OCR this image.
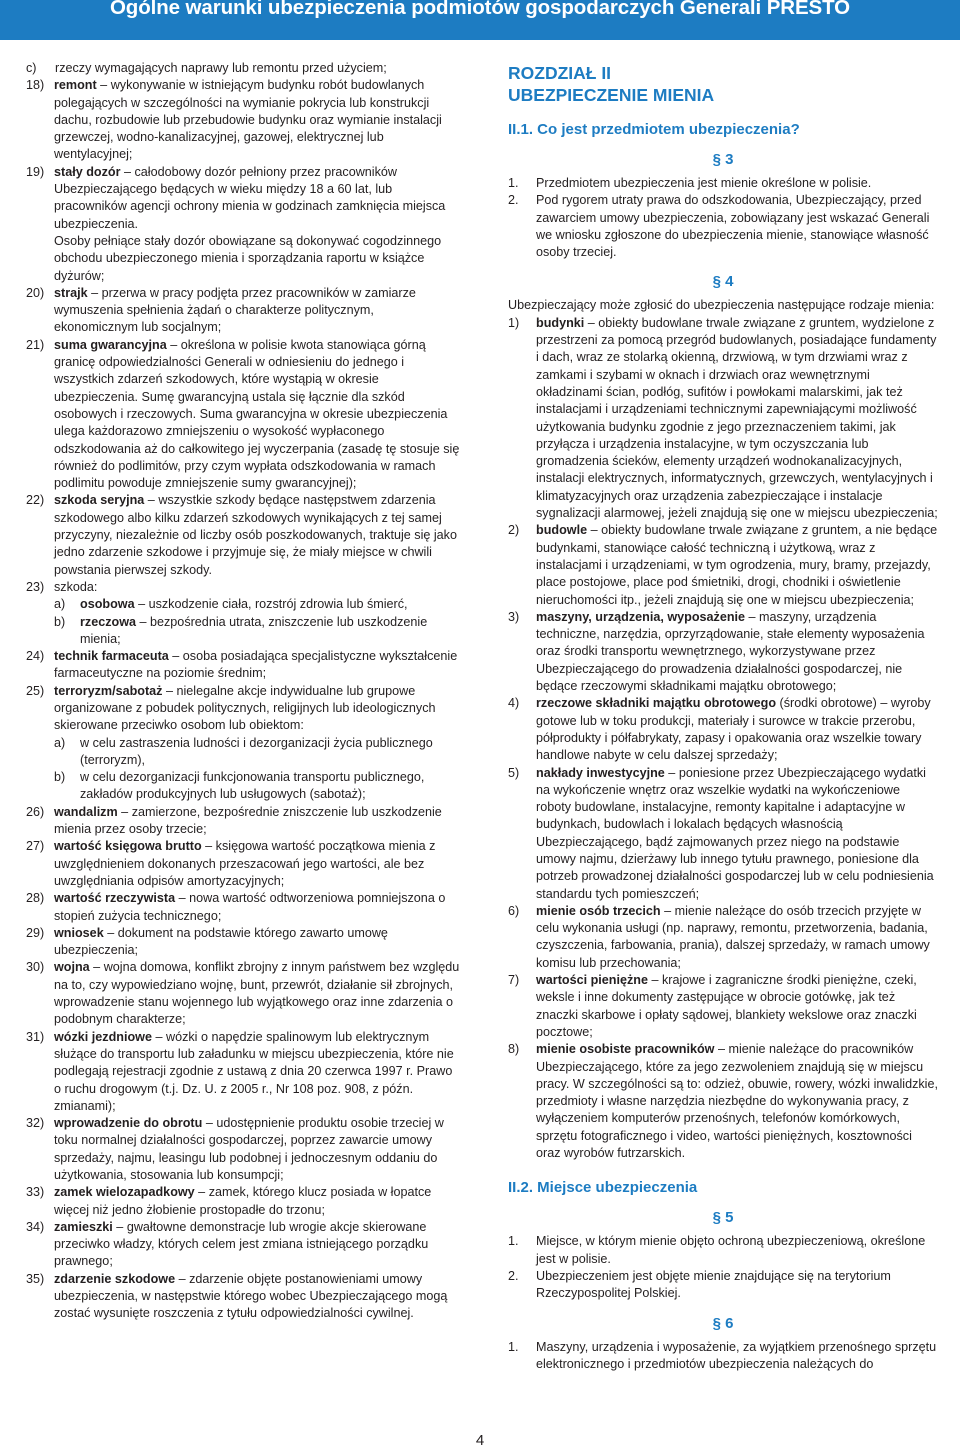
Ogólne warunki ubezpieczenia podmiotów gospodarczych Generali PRESTO
c)	rzeczy wymagających naprawy lub remontu przed użyciem;
18) remont – wykonywanie w istniejącym budynku robót budowlanych polegających w szczególności na wymianie pokrycia lub konstrukcji dachu, rozbudowie lub przebudowie budynku oraz wymianie instalacji grzewczej, wodno-kanalizacyjnej, gazowej, elektrycznej lub wentylacyjnej;
19) stały dozór – całodobowy dozór pełniony przez pracowników Ubezpieczającego będących w wieku między 18 a 60 lat, lub pracowników agencji ochrony mienia w godzinach zamknięcia miejsca ubezpieczenia.
Osoby pełniące stały dozór obowiązane są dokonywać cogodzinnego obchodu ubezpieczonego mienia i sporządzania raportu w książce dyżurów;
20) strajk – przerwa w pracy podjęta przez pracowników w zamiarze wymuszenia spełnienia żądań o charakterze politycznym, ekonomicznym lub socjalnym;
21) suma gwarancyjna – określona w polisie kwota stanowiąca górną granicę odpowiedzialności Generali w odniesieniu do jednego i wszystkich zdarzeń szkodowych, które wystąpią w okresie ubezpieczenia. Sumę gwarancyjną ustala się łącznie dla szkód osobowych i rzeczowych. Suma gwarancyjna w okresie ubezpieczenia ulega każdorazowo zmniejszeniu o wysokość wypłaconego odszkodowania aż do całkowitego jej wyczerpania (zasadę tę stosuje się również do podlimitów, przy czym wypłata odszkodowania w ramach podlimitu powoduje zmniejszenie sumy gwarancyjnej);
22) szkoda seryjna – wszystkie szkody będące następstwem zdarzenia szkodowego albo kilku zdarzeń szkodowych wynikających z tej samej przyczyny, niezależnie od liczby osób poszkodowanych, traktuje się jako jedno zdarzenie szkodowe i przyjmuje się, że miały miejsce w chwili powstania pierwszej szkody.
23) szkoda:
a)	osobowa – uszkodzenie ciała, rozstrój zdrowia lub śmierć,
b)	rzeczowa – bezpośrednia utrata, zniszczenie lub uszkodzenie mienia;
24) technik farmaceuta – osoba posiadająca specjalistyczne wykształcenie farmaceutyczne na poziomie średnim;
25) terroryzm/sabotaż – nielegalne akcje indywidualne lub grupowe organizowane z pobudek politycznych, religijnych lub ideologicznych skierowane przeciwko osobom lub obiektom:
a)	w celu zastraszenia ludności i dezorganizacji życia publicznego (terroryzm),
b)	w celu dezorganizacji funkcjonowania transportu publicznego, zakładów produkcyjnych lub usługowych (sabotaż);
26) wandalizm – zamierzone, bezpośrednie zniszczenie lub uszkodzenie mienia przez osoby trzecie;
27) wartość księgowa brutto – księgowa wartość początkowa mienia z uwzględnieniem dokonanych przeszacowań jego wartości, ale bez uwzględniania odpisów amortyzacyjnych;
28) wartość rzeczywista – nowa wartość odtworzeniowa pomniejszona o stopień zużycia technicznego;
29) wniosek – dokument na podstawie którego zawarto umowę ubezpieczenia;
30) wojna – wojna domowa, konflikt zbrojny z innym państwem bez względu na to, czy wypowiedziano wojnę, bunt, przewrót, działanie sił zbrojnych, wprowadzenie stanu wojennego lub wyjątkowego oraz inne zdarzenia o podobnym charakterze;
31) wózki jezdniowe – wózki o napędzie spalinowym lub elektrycznym służące do transportu lub załadunku w miejscu ubezpieczenia, które nie podlegają rejestracji zgodnie z ustawą z dnia 20 czerwca 1997 r. Prawo o ruchu drogowym (t.j. Dz. U. z 2005 r., Nr 108 poz. 908, z późn. zmianami);
32) wprowadzenie do obrotu – udostępnienie produktu osobie trzeciej w toku normalnej działalności gospodarczej, poprzez zawarcie umowy sprzedaży, najmu, leasingu lub podobnej i jednoczesnym oddaniu do użytkowania, stosowania lub konsumpcji;
33) zamek wielozapadkowy – zamek, którego klucz posiada w łopatce więcej niż jedno żłobienie prostopadłe do trzonu;
34) zamieszki – gwałtowne demonstracje lub wrogie akcje skierowane przeciwko władzy, których celem jest zmiana istniejącego porządku prawnego;
35) zdarzenie szkodowe – zdarzenie objęte postanowieniami umowy ubezpieczenia, w następstwie którego wobec Ubezpieczającego mogą zostać wysunięte roszczenia z tytułu odpowiedzialności cywilnej.
ROZDZIAŁ II
UBEZPIECZENIE MIENIA
II.1. Co jest przedmiotem ubezpieczenia?
§ 3
1.	Przedmiotem ubezpieczenia jest mienie określone w polisie.
2.	Pod rygorem utraty prawa do odszkodowania, Ubezpieczający, przed zawarciem umowy ubezpieczenia, zobowiązany jest wskazać Generali we wniosku zgłoszone do ubezpieczenia mienie, stanowiące własność osoby trzeciej.
§ 4
Ubezpieczający może zgłosić do ubezpieczenia następujące rodzaje mienia:
1)	budynki – obiekty budowlane trwale związane z gruntem, wydzielone z przestrzeni za pomocą przegród budowlanych, posiadające fundamenty i dach, wraz ze stolarką okienną, drzwiową, w tym drzwiami wraz z zamkami i szybami w oknach i drzwiach oraz wewnętrznymi okładzinami ścian, podłóg, sufitów i powłokami malarskimi, jak też instalacjami i urządzeniami technicznymi zapewniającymi możliwość użytkowania budynku zgodnie z jego przeznaczeniem takimi, jak przyłącza i urządzenia instalacyjne, w tym oczyszczania lub gromadzenia ścieków, elementy urządzeń wodnokanalizacyjnych, instalacji elektrycznych, informatycznych, grzewczych, wentylacyjnych i klimatyzacyjnych oraz urządzenia zabezpieczające i instalacje sygnalizacji alarmowej, jeżeli znajdują się one w miejscu ubezpieczenia;
2)	budowle – obiekty budowlane trwale związane z gruntem, a nie będące budynkami, stanowiące całość techniczną i użytkową, wraz z instalacjami i urządzeniami, w tym ogrodzenia, mury, bramy, przejazdy, place postojowe, place pod śmietniki, drogi, chodniki i oświetlenie nieruchomości itp., jeżeli znajdują się one w miejscu ubezpieczenia;
3)	maszyny, urządzenia, wyposażenie – maszyny, urządzenia techniczne, narzędzia, oprzyrządowanie, stałe elementy wyposażenia oraz środki transportu wewnętrznego, wykorzystywane przez Ubezpieczającego do prowadzenia działalności gospodarczej, nie będące rzeczowymi składnikami majątku obrotowego;
4)	rzeczowe składniki majątku obrotowego (środki obrotowe) – wyroby gotowe lub w toku produkcji, materiały i surowce w trakcie przerobu, półprodukty i półfabrykaty, zapasy i opakowania oraz wszelkie towary handlowe nabyte w celu dalszej sprzedaży;
5)	nakłady inwestycyjne – poniesione przez Ubezpieczającego wydatki na wykończenie wnętrz oraz wszelkie wydatki na wykończeniowe roboty budowlane, instalacyjne, remonty kapitalne i adaptacyjne w budynkach, budowlach i lokalach będących własnością Ubezpieczającego, bądź zajmowanych przez niego na podstawie umowy najmu, dzierżawy lub innego tytułu prawnego, poniesione dla potrzeb prowadzonej działalności gospodarczej lub w celu podniesienia standardu tych pomieszczeń;
6)	mienie osób trzecich – mienie należące do osób trzecich przyjęte w celu wykonania usługi (np. naprawy, remontu, przetworzenia, badania, czyszczenia, farbowania, prania), dalszej sprzedaży, w ramach umowy komisu lub przechowania;
7)	wartości pieniężne – krajowe i zagraniczne środki pieniężne, czeki, weksle i inne dokumenty zastępujące w obrocie gotówkę, jak też znaczki skarbowe i opłaty sądowej, blankiety wekslowe oraz znaczki pocztowe;
8)	mienie osobiste pracowników – mienie należące do pracowników Ubezpieczającego, które za jego zezwoleniem znajdują się w miejscu pracy. W szczególności są to: odzież, obuwie, rowery, wózki inwalidzkie, przedmioty i własne narzędzia niezbędne do wykonywania pracy, z wyłączeniem komputerów przenośnych, telefonów komórkowych, sprzętu fotograficznego i video, wartości pieniężnych, kosztowności oraz wyrobów futrzarskich.
II.2. Miejsce ubezpieczenia
§ 5
1.	Miejsce, w którym mienie objęto ochroną ubezpieczeniową, określone jest w polisie.
2.	Ubezpieczeniem jest objęte mienie znajdujące się na terytorium Rzeczypospolitej Polskiej.
§ 6
1.	Maszyny, urządzenia i wyposażenie, za wyjątkiem przenośnego sprzętu elektronicznego i przedmiotów ubezpieczenia należących do
4
